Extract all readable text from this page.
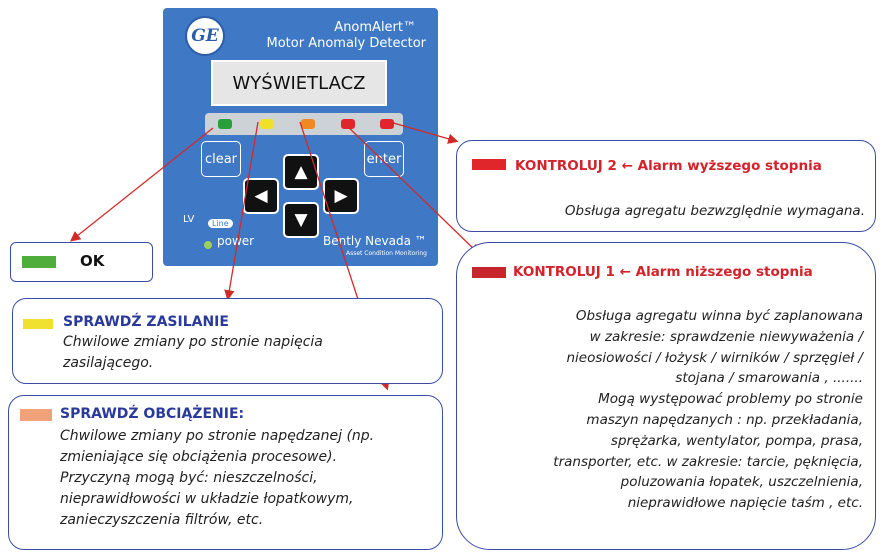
GE	AnomAlert™
Motor Anomaly Detector
WYŚWIETLACZ
clear	enter
▲
◀	▶
▼
LV	Line
power	Bently Nevada ™
Asset Condition Monitoring
OK
SPRAWDŹ ZASILANIE
Chwilowe zmiany po stronie napięcia
zasilającego.
SPRAWDŹ OBCIĄŻENIE:
Chwilowe zmiany po stronie napędzanej (np.
zmieniające się obciążenia procesowe).
Przyczyną mogą być: nieszczelności,
nieprawidłowości w układzie łopatkowym,
zanieczyszczenia filtrów, etc.
KONTROLUJ 2 ← Alarm wyższego stopnia
Obsługa agregatu bezwzględnie wymagana.
KONTROLUJ 1 ← Alarm niższego stopnia
Obsługa agregatu winna być zaplanowana
w zakresie: sprawdzenie niewyważenia /
nieosiowości / łożysk / wirników / sprzęgieł /
stojana / smarowania , .......
Mogą występować problemy po stronie
maszyn napędzanych : np. przekładania,
sprężarka, wentylator, pompa, prasa,
transporter, etc. w zakresie: tarcie, pęknięcia,
poluzowania łopatek, uszczelnienia,
nieprawidłowe napięcie taśm , etc.
